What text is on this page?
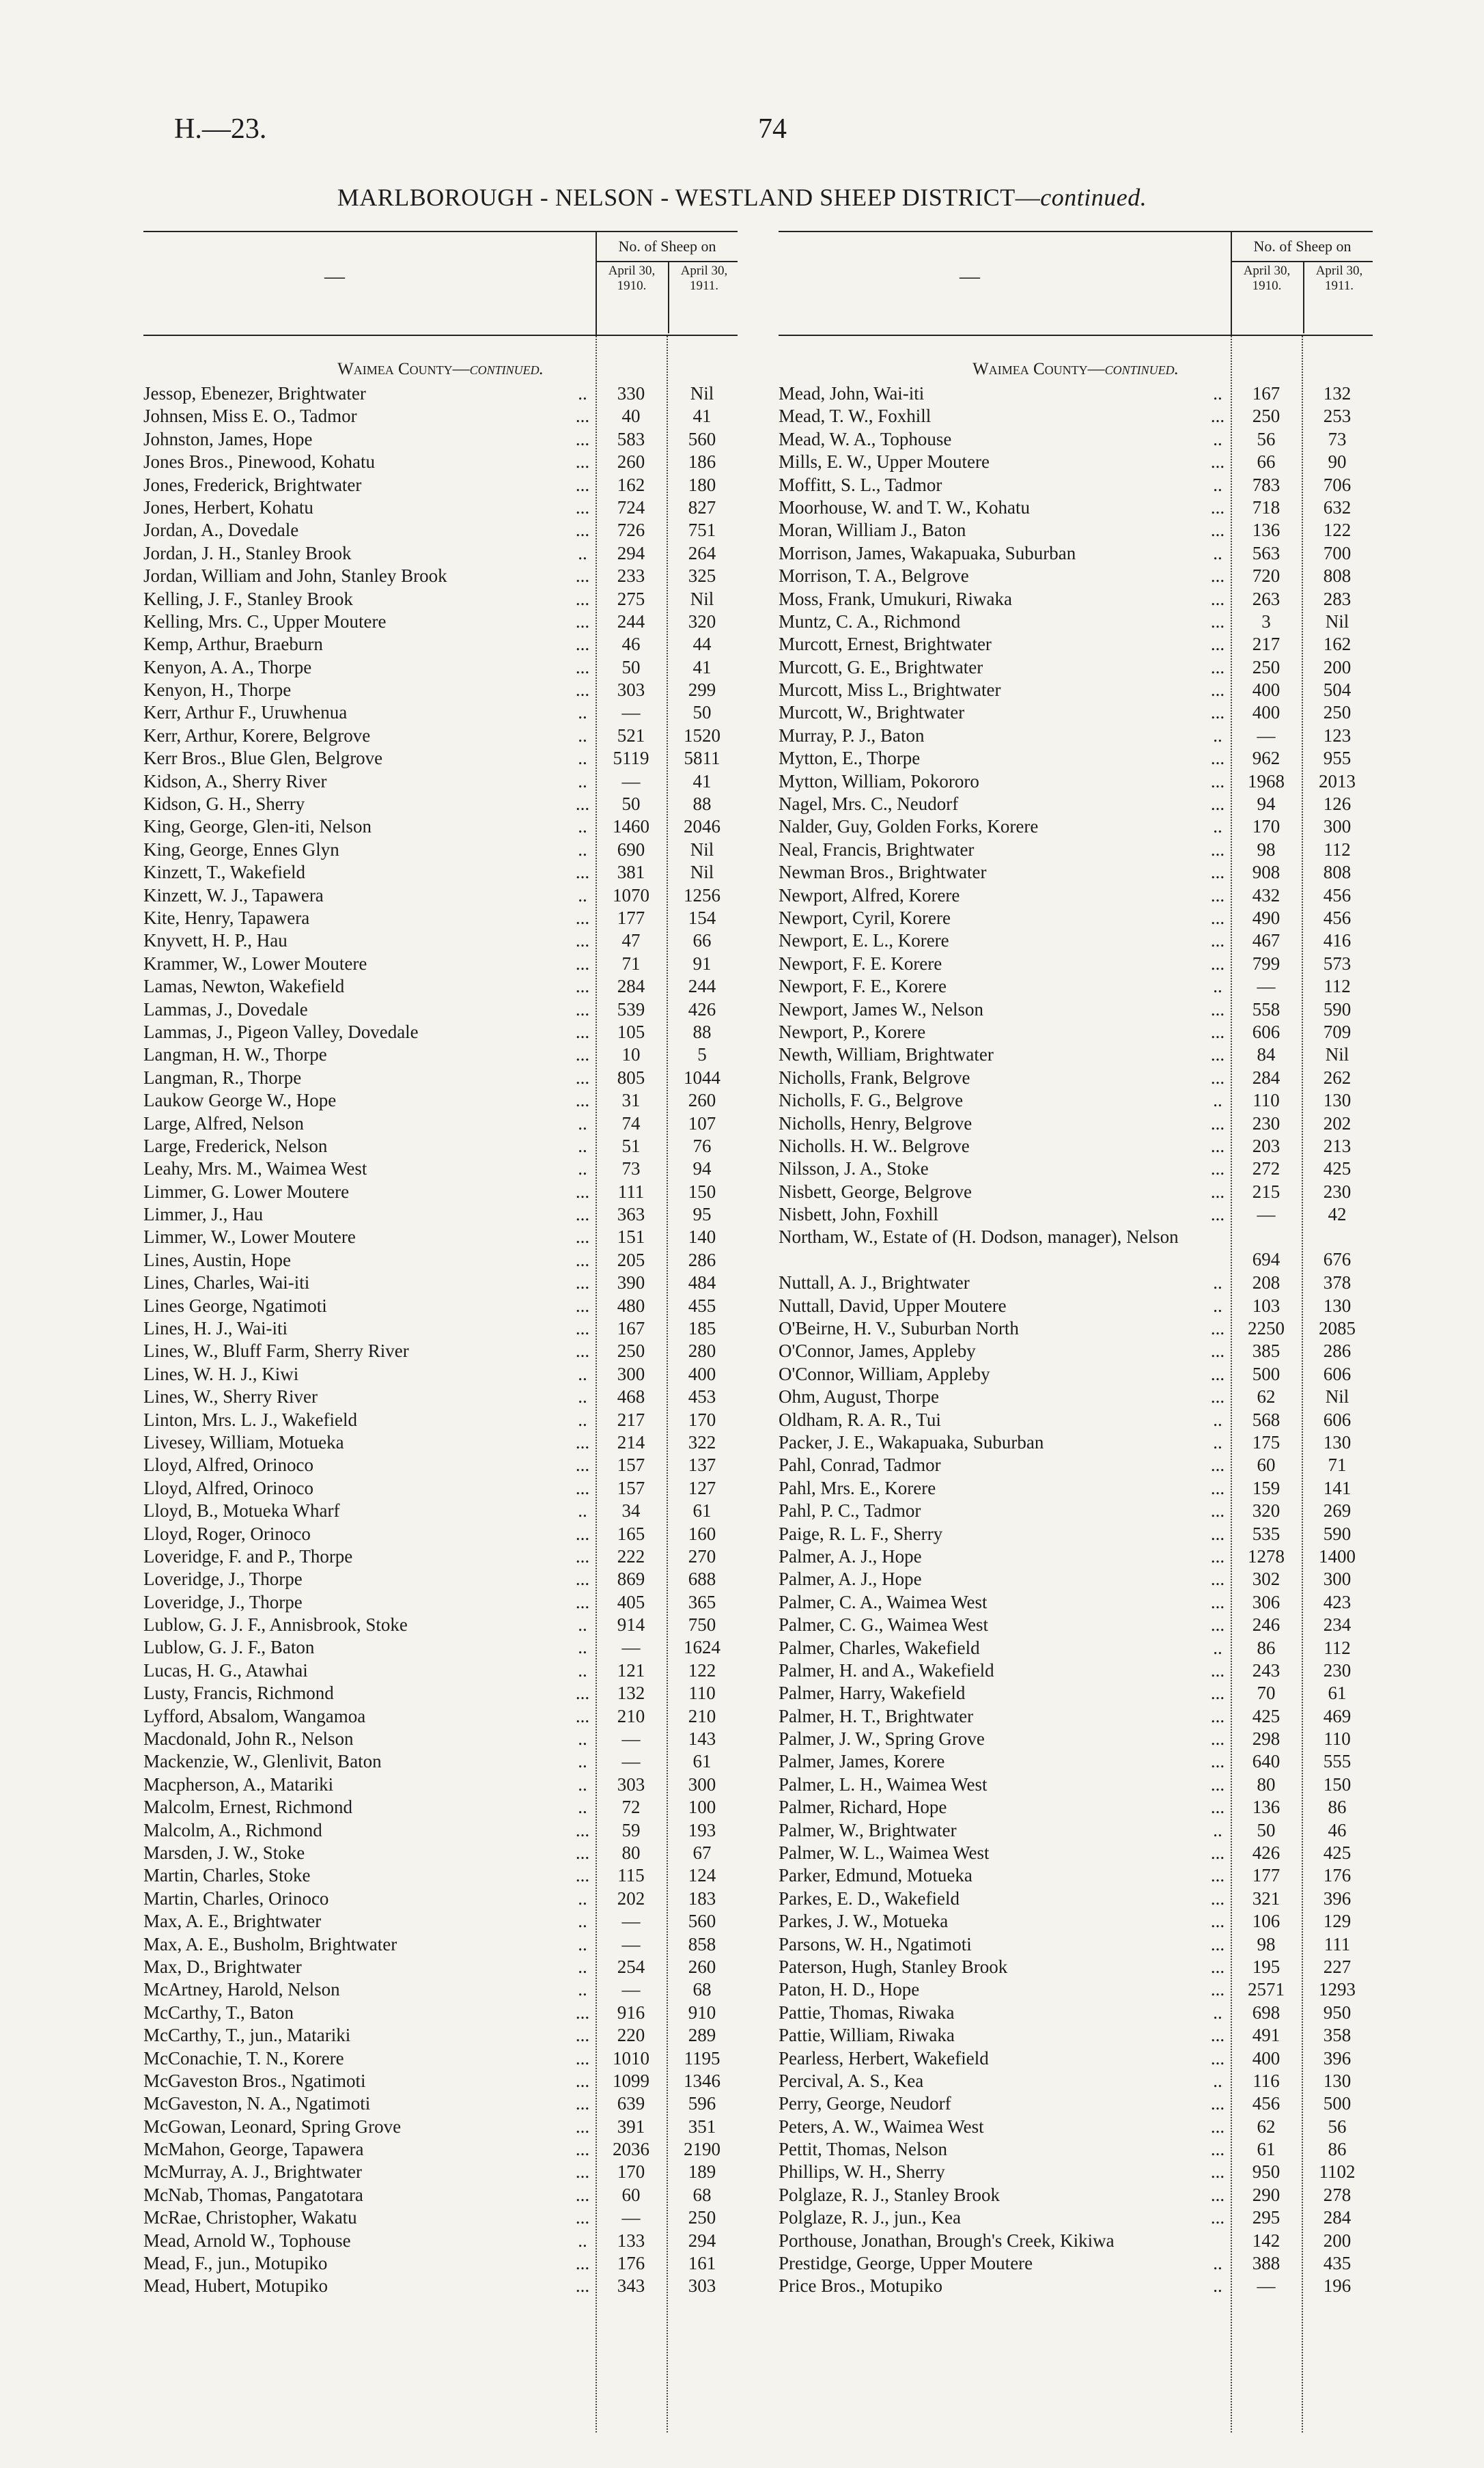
H.—23.	74
MARLBOROUGH - NELSON - WESTLAND SHEEP DISTRICT—continued.
—
No. of Sheep on
April 30, 1910.
April 30, 1911.
Waimea County—continued.
Jessop, Ebenezer, Brightwater	..	330	Nil
Johnsen, Miss E. O., Tadmor	...	40	41
Johnston, James, Hope	...	583	560
Jones Bros., Pinewood, Kohatu	...	260	186
Jones, Frederick, Brightwater	...	162	180
Jones, Herbert, Kohatu	...	724	827
Jordan, A., Dovedale	...	726	751
Jordan, J. H., Stanley Brook	..	294	264
Jordan, William and John, Stanley Brook	...	233	325
Kelling, J. F., Stanley Brook	...	275	Nil
Kelling, Mrs. C., Upper Moutere	...	244	320
Kemp, Arthur, Braeburn	...	46	44
Kenyon, A. A., Thorpe	...	50	41
Kenyon, H., Thorpe	...	303	299
Kerr, Arthur F., Uruwhenua	..	—	50
Kerr, Arthur, Korere, Belgrove	..	521	1520
Kerr Bros., Blue Glen, Belgrove	..	5119	5811
Kidson, A., Sherry River	..	—	41
Kidson, G. H., Sherry	...	50	88
King, George, Glen-iti, Nelson	..	1460	2046
King, George, Ennes Glyn	..	690	Nil
Kinzett, T., Wakefield	...	381	Nil
Kinzett, W. J., Tapawera	..	1070	1256
Kite, Henry, Tapawera	...	177	154
Knyvett, H. P., Hau	...	47	66
Krammer, W., Lower Moutere	...	71	91
Lamas, Newton, Wakefield	...	284	244
Lammas, J., Dovedale	...	539	426
Lammas, J., Pigeon Valley, Dovedale	...	105	88
Langman, H. W., Thorpe	...	10	5
Langman, R., Thorpe	...	805	1044
Laukow George W., Hope	...	31	260
Large, Alfred, Nelson	..	74	107
Large, Frederick, Nelson	..	51	76
Leahy, Mrs. M., Waimea West	..	73	94
Limmer, G. Lower Moutere	...	111	150
Limmer, J., Hau	...	363	95
Limmer, W., Lower Moutere	...	151	140
Lines, Austin, Hope	...	205	286
Lines, Charles, Wai-iti	...	390	484
Lines George, Ngatimoti	...	480	455
Lines, H. J., Wai-iti	...	167	185
Lines, W., Bluff Farm, Sherry River	...	250	280
Lines, W. H. J., Kiwi	..	300	400
Lines, W., Sherry River	..	468	453
Linton, Mrs. L. J., Wakefield	..	217	170
Livesey, William, Motueka	...	214	322
Lloyd, Alfred, Orinoco	...	157	137
Lloyd, Alfred, Orinoco	...	157	127
Lloyd, B., Motueka Wharf	..	34	61
Lloyd, Roger, Orinoco	...	165	160
Loveridge, F. and P., Thorpe	...	222	270
Loveridge, J., Thorpe	...	869	688
Loveridge, J., Thorpe	...	405	365
Lublow, G. J. F., Annisbrook, Stoke	..	914	750
Lublow, G. J. F., Baton	..	—	1624
Lucas, H. G., Atawhai	..	121	122
Lusty, Francis, Richmond	...	132	110
Lyfford, Absalom, Wangamoa	...	210	210
Macdonald, John R., Nelson	..	—	143
Mackenzie, W., Glenlivit, Baton	..	—	61
Macpherson, A., Matariki	..	303	300
Malcolm, Ernest, Richmond	..	72	100
Malcolm, A., Richmond	...	59	193
Marsden, J. W., Stoke	...	80	67
Martin, Charles, Stoke	...	115	124
Martin, Charles, Orinoco	..	202	183
Max, A. E., Brightwater	..	—	560
Max, A. E., Busholm, Brightwater	..	—	858
Max, D., Brightwater	..	254	260
McArtney, Harold, Nelson	..	—	68
McCarthy, T., Baton	...	916	910
McCarthy, T., jun., Matariki	...	220	289
McConachie, T. N., Korere	...	1010	1195
McGaveston Bros., Ngatimoti	...	1099	1346
McGaveston, N. A., Ngatimoti	...	639	596
McGowan, Leonard, Spring Grove	...	391	351
McMahon, George, Tapawera	...	2036	2190
McMurray, A. J., Brightwater	...	170	189
McNab, Thomas, Pangatotara	...	60	68
McRae, Christopher, Wakatu	...	—	250
Mead, Arnold W., Tophouse	..	133	294
Mead, F., jun., Motupiko	...	176	161
Mead, Hubert, Motupiko	...	343	303
—
No. of Sheep on
April 30, 1910.
April 30, 1911.
Waimea County—continued.
Mead, John, Wai-iti	..	167	132
Mead, T. W., Foxhill	...	250	253
Mead, W. A., Tophouse	..	56	73
Mills, E. W., Upper Moutere	...	66	90
Moffitt, S. L., Tadmor	..	783	706
Moorhouse, W. and T. W., Kohatu	...	718	632
Moran, William J., Baton	...	136	122
Morrison, James, Wakapuaka, Suburban	..	563	700
Morrison, T. A., Belgrove	...	720	808
Moss, Frank, Umukuri, Riwaka	...	263	283
Muntz, C. A., Richmond	...	3	Nil
Murcott, Ernest, Brightwater	...	217	162
Murcott, G. E., Brightwater	...	250	200
Murcott, Miss L., Brightwater	...	400	504
Murcott, W., Brightwater	...	400	250
Murray, P. J., Baton	..	—	123
Mytton, E., Thorpe	...	962	955
Mytton, William, Pokororo	...	1968	2013
Nagel, Mrs. C., Neudorf	...	94	126
Nalder, Guy, Golden Forks, Korere	..	170	300
Neal, Francis, Brightwater	...	98	112
Newman Bros., Brightwater	...	908	808
Newport, Alfred, Korere	...	432	456
Newport, Cyril, Korere	...	490	456
Newport, E. L., Korere	...	467	416
Newport, F. E. Korere	...	799	573
Newport, F. E., Korere	..	—	112
Newport, James W., Nelson	...	558	590
Newport, P., Korere	...	606	709
Newth, William, Brightwater	...	84	Nil
Nicholls, Frank, Belgrove	...	284	262
Nicholls, F. G., Belgrove	..	110	130
Nicholls, Henry, Belgrove	...	230	202
Nicholls. H. W.. Belgrove	...	203	213
Nilsson, J. A., Stoke	...	272	425
Nisbett, George, Belgrove	...	215	230
Nisbett, John, Foxhill	...	—	42
Northam, W., Estate of (H. Dodson, manager), Nelson
694	676
Nuttall, A. J., Brightwater	..	208	378
Nuttall, David, Upper Moutere	..	103	130
O'Beirne, H. V., Suburban North	...	2250	2085
O'Connor, James, Appleby	...	385	286
O'Connor, William, Appleby	...	500	606
Ohm, August, Thorpe	...	62	Nil
Oldham, R. A. R., Tui	..	568	606
Packer, J. E., Wakapuaka, Suburban	..	175	130
Pahl, Conrad, Tadmor	...	60	71
Pahl, Mrs. E., Korere	...	159	141
Pahl, P. C., Tadmor	...	320	269
Paige, R. L. F., Sherry	...	535	590
Palmer, A. J., Hope	...	1278	1400
Palmer, A. J., Hope	...	302	300
Palmer, C. A., Waimea West	...	306	423
Palmer, C. G., Waimea West	...	246	234
Palmer, Charles, Wakefield	..	86	112
Palmer, H. and A., Wakefield	...	243	230
Palmer, Harry, Wakefield	...	70	61
Palmer, H. T., Brightwater	...	425	469
Palmer, J. W., Spring Grove	...	298	110
Palmer, James, Korere	...	640	555
Palmer, L. H., Waimea West	...	80	150
Palmer, Richard, Hope	...	136	86
Palmer, W., Brightwater	..	50	46
Palmer, W. L., Waimea West	...	426	425
Parker, Edmund, Motueka	...	177	176
Parkes, E. D., Wakefield	...	321	396
Parkes, J. W., Motueka	...	106	129
Parsons, W. H., Ngatimoti	...	98	111
Paterson, Hugh, Stanley Brook	...	195	227
Paton, H. D., Hope	...	2571	1293
Pattie, Thomas, Riwaka	..	698	950
Pattie, William, Riwaka	...	491	358
Pearless, Herbert, Wakefield	...	400	396
Percival, A. S., Kea	..	116	130
Perry, George, Neudorf	...	456	500
Peters, A. W., Waimea West	...	62	56
Pettit, Thomas, Nelson	...	61	86
Phillips, W. H., Sherry	...	950	1102
Polglaze, R. J., Stanley Brook	...	290	278
Polglaze, R. J., jun., Kea	...	295	284
Porthouse, Jonathan, Brough's Creek, Kikiwa	142	200
Prestidge, George, Upper Moutere	..	388	435
Price Bros., Motupiko	..	—	196
